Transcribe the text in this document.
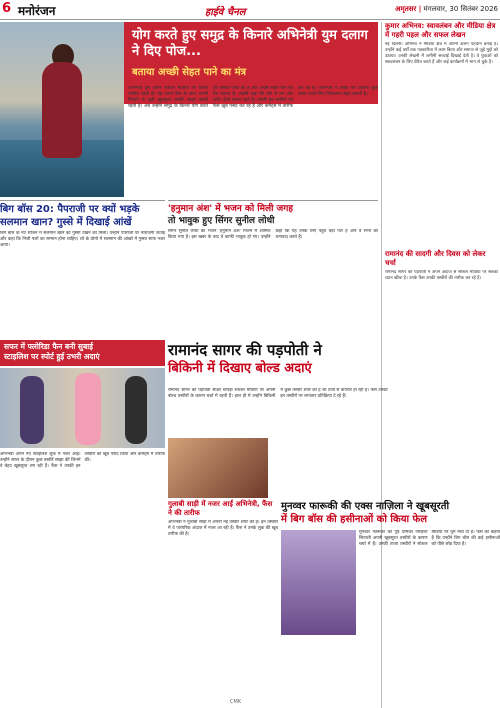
6 मनोरंजन	हाईवे चैनल	अमृतसर | मंगलवार, 30 सितंबर 2026
योग करते हुए समुद्र के किनारे अभिनेत्री युम दलाग ने दिए पोज...
बताया अच्छी सेहत पाने का मंत्र
अभिनेत्री युम दलाग सोशल मीडिया पर काफी एक्टिव रहती हैं। वह अपने फैंस के साथ अपनी जिंदगी से जुड़ी खूबसूरत तस्वीरें साझा करती रहती हैं। अब उन्होंने समुद्र के किनारे योग करते हुए तस्वीरें पोस्ट की हैं और अच्छी सेहत पाने का मंत्र बताया है। उन्होंने कहा कि योग से मन और शरीर दोनों स्वस्थ रहते हैं। उनकी इन तस्वीरों को फैंस खूब पसंद कर रहे हैं और कमेंट्स में तारीफ कर रहे हैं। अभिनेत्री ने लिखा कि रोजाना कुछ समय अपने लिए निकालना बेहद जरूरी है।
कुमार अभिनव: स्वावलंबन और मीडिया क्षेत्र में गहरी पहल और सफल लेखन
नई दिल्ली। अभिनव ने मीडिया क्षेत्र में अपनी अलग पहचान बनाई है। उन्होंने कई वर्षों तक पत्रकारिता में काम किया और समाज से जुड़े मुद्दों को उठाया। उनकी लेखनी में जमीनी सच्चाई दिखाई देती है। वे युवाओं को स्वावलंबन के लिए प्रेरित करते हैं और कई कार्यक्रमों में भाग ले चुके हैं।
रामानंद की सादगी और दिवस को लेकर चर्चा
रामानंद सागर की पड़पोती ने अपने अंदाज से सोशल मीडिया पर सबका ध्यान खींचा है। उनके फैंस उनकी तस्वीरों की तारीफ कर रहे हैं।
बिग बॉस 20: पैपराजी पर क्यों भड़के सलमान खान? गुस्से में दिखाई आंखें
बिग बॉस के नए सीजन में सलमान खान का गुस्सा देखने को मिला। उन्होंने पैपराजी पर नाराजगी जताई और कहा कि निजी पलों का सम्मान होना चाहिए। शो के प्रोमो में सलमान की आंखों में गुस्सा साफ नजर आया।
'हनुमान अंश' में भजन को मिली जगह
तो भावुक हुए सिंगर सुनील लोधी
सिंगर सुनील लोधी का भजन 'हनुमान अंश' फिल्म में शामिल किया गया है। इस खबर के बाद वे काफी भावुक हो गए। उन्होंने कहा कि यह उनके लिए बहुत बड़ा पल है और वे सभी का धन्यवाद करते हैं।
सफर में फ्लोरिडा फैन बनी सुबाई
स्टाइलिश पर स्पोर्ट हुई उभरी अदाएं
अभिनेत्री अपने नए स्टाइलिश लुक में नजर आईं। उन्होंने सफर के दौरान कुछ तस्वीरें साझा कीं जिनमें वे बेहद खूबसूरत लग रही हैं। फैंस ने उनकी इन तस्वीरों को खूब पसंद किया और कमेंट्स में तारीफ की।
रामानंद सागर की पड़पोती ने
बिकिनी में दिखाए बोल्ड अदाएं
रामानंद सागर की पड़पोती साक्षी चोपड़ा सोशल मीडिया पर अपनी बोल्ड तस्वीरों के कारण चर्चा में रहती हैं। हाल ही में उन्होंने बिकिनी में कुछ तस्वीरें शेयर की हैं जो तेजी से वायरल हो रही हैं। फैंस उनकी इन तस्वीरों पर लगातार प्रतिक्रिया दे रहे हैं।
गुलाबी साड़ी में नजर आईं अभिनेत्री, फैंस ने की तारीफ
अभिनेत्री ने गुलाबी साड़ी में अपनी नई तस्वीरें शेयर की हैं। इन तस्वीरों में वे पारंपरिक अंदाज में नजर आ रही हैं। फैंस ने उनके लुक की खूब तारीफ की है।
मुनव्वर फारूकी की एक्स नाज़िला ने खूबसूरती
में बिग बॉस की हसीनाओं को किया फेल
मुनव्वर फारूकी की पूर्व प्रेमिका नाज़िला सिताशी अपनी खूबसूरत तस्वीरों के कारण चर्चा में हैं। उनकी ताजा तस्वीरों ने सोशल मीडिया पर धूम मचा दी है। फैंस का कहना है कि उन्होंने बिग बॉस की कई हसीनाओं को पीछे छोड़ दिया है।
CMK
